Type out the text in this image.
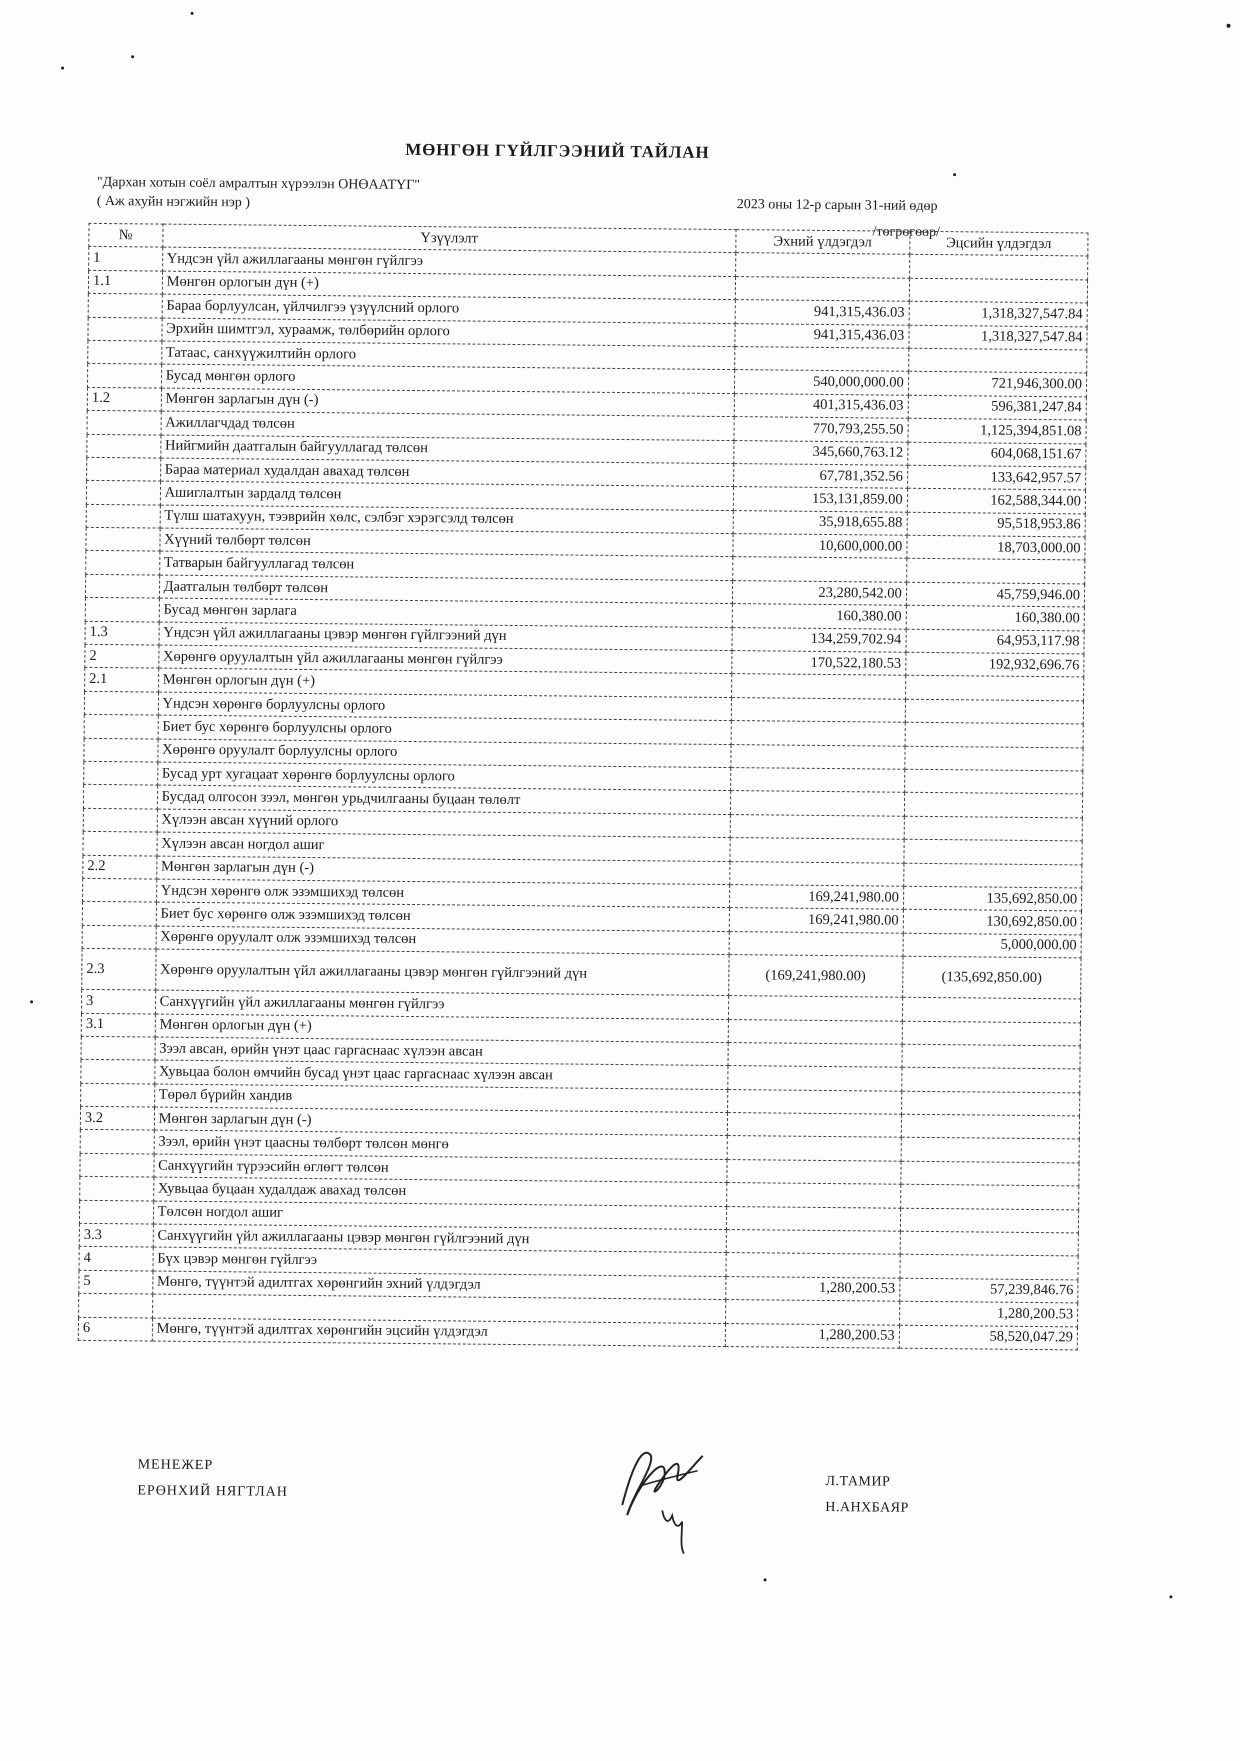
МӨНГӨН ГҮЙЛГЭЭНИЙ ТАЙЛАН
"Дархан хотын соёл амралтын хүрээлэн ОНӨААТҮГ"
( Аж ахуйн нэгжийн нэр )	2023 оны 12-р сарын 31-ний өдөр
/төгрөгөөр/
№	Үзүүлэлт	Эхний үлдэгдэл	Эцсийн үлдэгдэл
1	Үндсэн үйл ажиллагааны мөнгөн гүйлгээ		
1.1	Мөнгөн орлогын дүн (+)		
	Бараа борлуулсан, үйлчилгээ үзүүлсний орлого	941,315,436.03	1,318,327,547.84
	Эрхийн шимтгэл, хураамж, төлбөрийн орлого	941,315,436.03	1,318,327,547.84
	Татаас, санхүүжилтийн орлого		
	Бусад мөнгөн орлого	540,000,000.00	721,946,300.00
1.2	Мөнгөн зарлагын дүн (-)	401,315,436.03	596,381,247.84
	Ажиллагчдад төлсөн	770,793,255.50	1,125,394,851.08
	Нийгмийн даатгалын байгууллагад төлсөн	345,660,763.12	604,068,151.67
	Бараа материал худалдан авахад төлсөн	67,781,352.56	133,642,957.57
	Ашиглалтын зардалд төлсөн	153,131,859.00	162,588,344.00
	Түлш шатахуун, тээврийн хөлс, сэлбэг хэрэгсэлд төлсөн	35,918,655.88	95,518,953.86
	Хүүний төлбөрт төлсөн	10,600,000.00	18,703,000.00
	Татварын байгууллагад төлсөн		
	Даатгалын төлбөрт төлсөн	23,280,542.00	45,759,946.00
	Бусад мөнгөн зарлага	160,380.00	160,380.00
1.3	Үндсэн үйл ажиллагааны цэвэр мөнгөн гүйлгээний дүн	134,259,702.94	64,953,117.98
2	Хөрөнгө оруулалтын үйл ажиллагааны мөнгөн гүйлгээ	170,522,180.53	192,932,696.76
2.1	Мөнгөн орлогын дүн (+)		
	Үндсэн хөрөнгө борлуулсны орлого		
	Биет бус хөрөнгө борлуулсны орлого		
	Хөрөнгө оруулалт борлуулсны орлого		
	Бусад урт хугацаат хөрөнгө борлуулсны орлого		
	Бусдад олгосон зээл, мөнгөн урьдчилгааны буцаан төлөлт		
	Хүлээн авсан хүүний орлого		
	Хүлээн авсан ногдол ашиг		
2.2	Мөнгөн зарлагын дүн (-)		
	Үндсэн хөрөнгө олж эзэмшихэд төлсөн	169,241,980.00	135,692,850.00
	Биет бус хөрөнгө олж эзэмшихэд төлсөн	169,241,980.00	130,692,850.00
	Хөрөнгө оруулалт олж эзэмшихэд төлсөн		5,000,000.00
2.3	Хөрөнгө оруулалтын үйл ажиллагааны цэвэр мөнгөн гүйлгээний дүн	(169,241,980.00)	(135,692,850.00)
3	Санхүүгийн үйл ажиллагааны мөнгөн гүйлгээ		
3.1	Мөнгөн орлогын дүн (+)		
	Зээл авсан, өрийн үнэт цаас гаргаснаас хүлээн авсан		
	Хувьцаа болон өмчийн бусад үнэт цаас гаргаснаас хүлээн авсан		
	Төрөл бүрийн хандив		
3.2	Мөнгөн зарлагын дүн (-)		
	Зээл, өрийн үнэт цаасны төлбөрт төлсөн мөнгө		
	Санхүүгийн түрээсийн өглөгт төлсөн		
	Хувьцаа буцаан худалдаж авахад төлсөн		
	Төлсөн ногдол ашиг		
3.3	Санхүүгийн үйл ажиллагааны цэвэр мөнгөн гүйлгээний дүн		
4	Бүх цэвэр мөнгөн гүйлгээ		
5	Мөнгө, түүнтэй адилтгах хөрөнгийн эхний үлдэгдэл	1,280,200.53	57,239,846.76
			1,280,200.53
6	Мөнгө, түүнтэй адилтгах хөрөнгийн эцсийн үлдэгдэл	1,280,200.53	58,520,047.29
МЕНЕЖЕР
ЕРӨНХИЙ НЯГТЛАН
Л.ТАМИР
Н.АНХБАЯР
